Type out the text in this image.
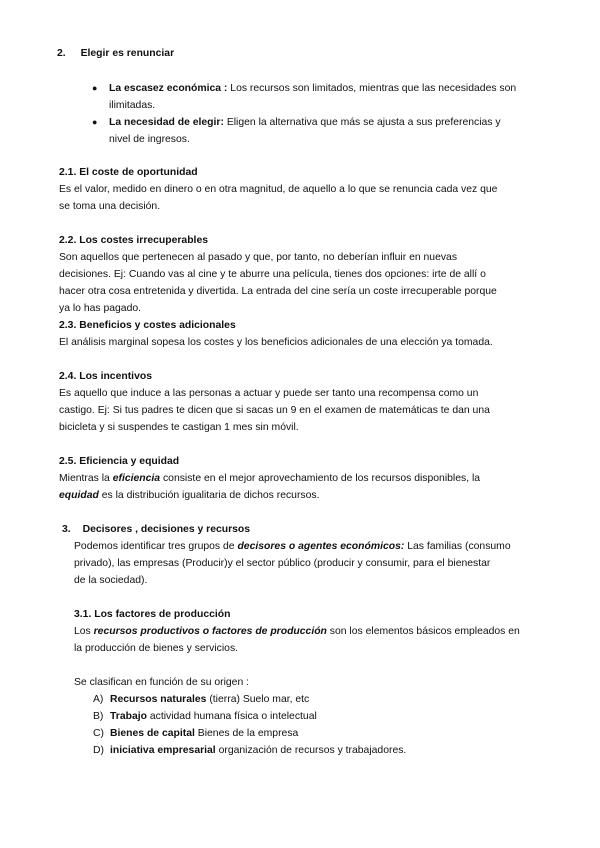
2. Elegir es renunciar
● La escasez económica : Los recursos son limitados, mientras que las necesidades son
ilimitadas.
● La necesidad de elegir: Eligen la alternativa que más se ajusta a sus preferencias y
nivel de ingresos.
2.1. El coste de oportunidad
Es el valor, medido en dinero o en otra magnitud, de aquello a lo que se renuncia cada vez que
se toma una decisión.
2.2. Los costes irrecuperables
Son aquellos que pertenecen al pasado y que, por tanto, no deberían influir en nuevas
decisiones. Ej: Cuando vas al cine y te aburre una película, tienes dos opciones: irte de allí o
hacer otra cosa entretenida y divertida. La entrada del cine sería un coste irrecuperable porque
ya lo has pagado.
2.3. Beneficios y costes adicionales
El análisis marginal sopesa los costes y los beneficios adicionales de una elección ya tomada.
2.4. Los incentivos
Es aquello que induce a las personas a actuar y puede ser tanto una recompensa como un
castigo. Ej: Si tus padres te dicen que si sacas un 9 en el examen de matemáticas te dan una
bicicleta y si suspendes te castigan 1 mes sin móvil.
2.5. Eficiencia y equidad
Mientras la eficiencia consiste en el mejor aprovechamiento de los recursos disponibles, la
equidad es la distribución igualitaria de dichos recursos.
3. Decisores , decisiones y recursos
Podemos identificar tres grupos de decisores o agentes económicos: Las familias (consumo
privado), las empresas (Producir)y el sector público (producir y consumir, para el bienestar
de la sociedad).
3.1. Los factores de producción
Los recursos productivos o factores de producción son los elementos básicos empleados en
la producción de bienes y servicios.
Se clasifican en función de su origen :
A) Recursos naturales (tierra) Suelo mar, etc
B) Trabajo actividad humana física o intelectual
C) Bienes de capital Bienes de la empresa
D) iniciativa empresarial organización de recursos y trabajadores.
